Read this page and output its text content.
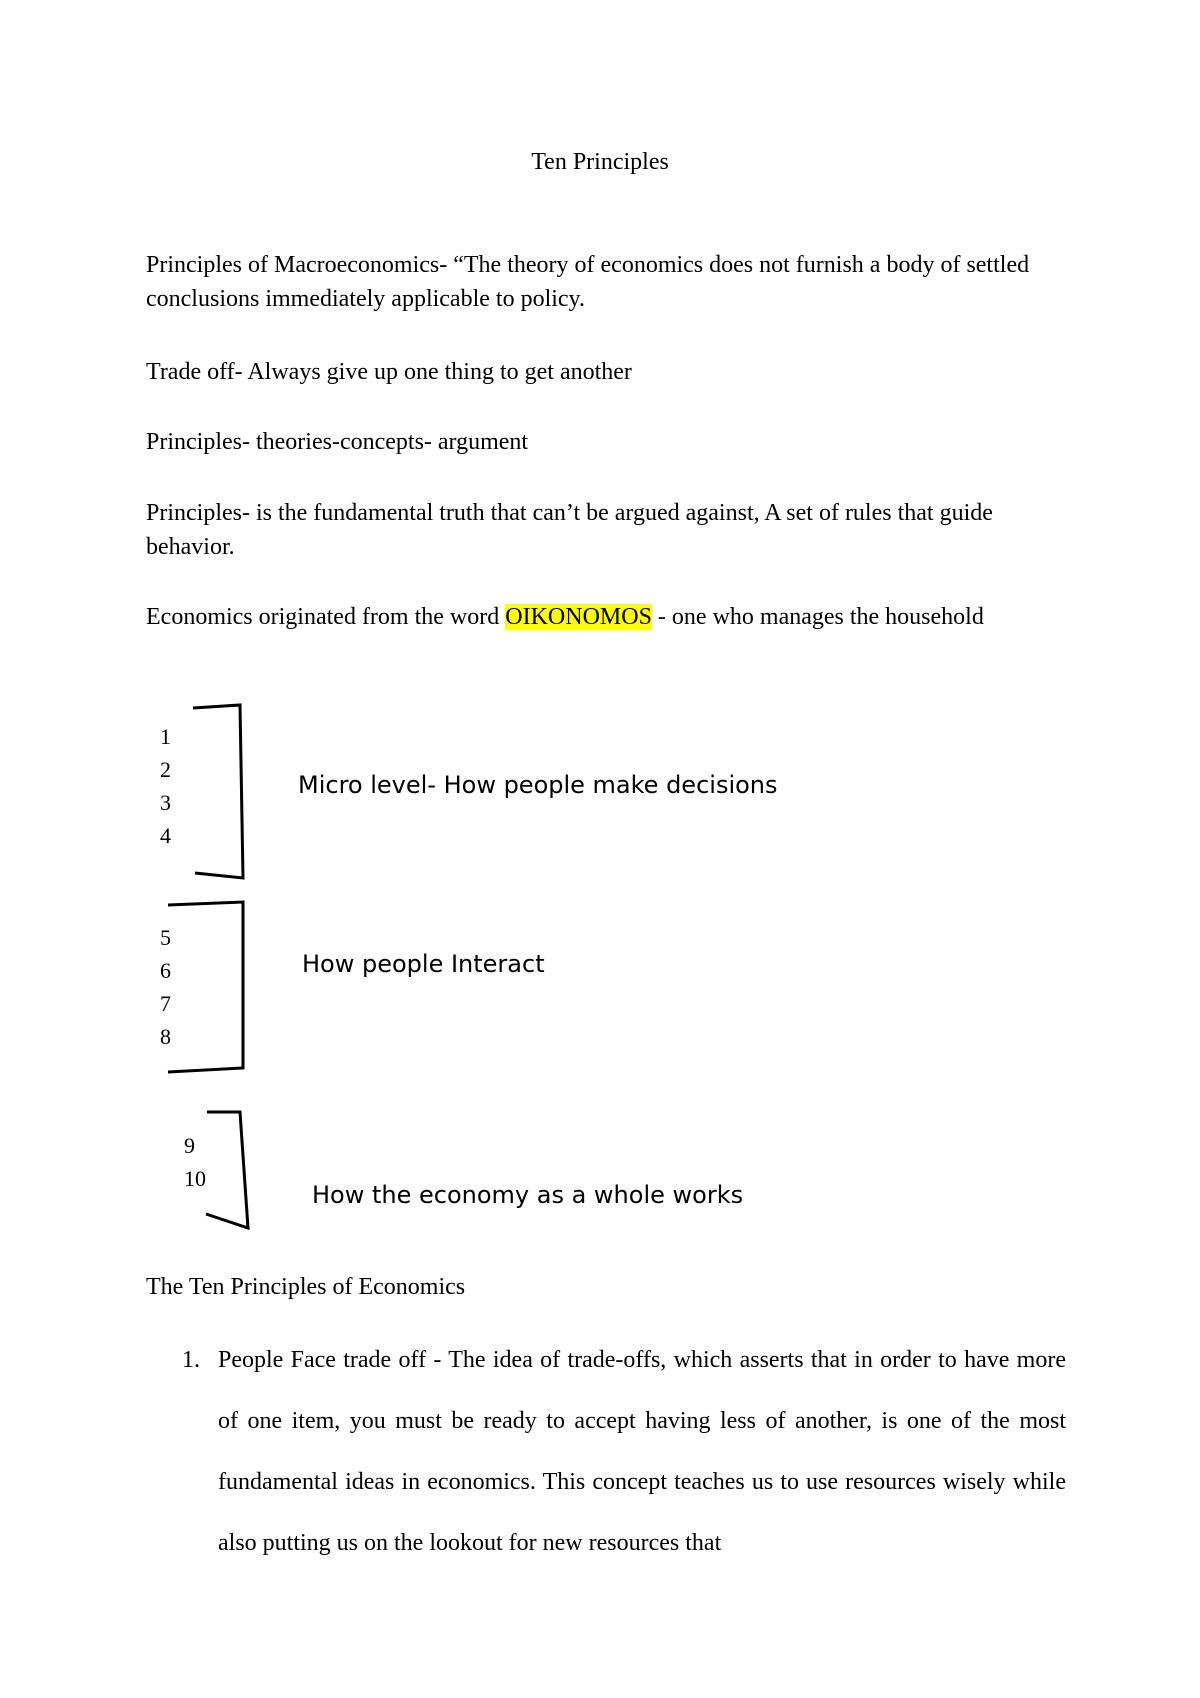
Ten Principles

Principles of Macroeconomics- “The theory of economics does not furnish a body of settled conclusions immediately applicable to policy.

Trade off- Always give up one thing to get another

Principles- theories-concepts- argument

Principles- is the fundamental truth that can’t be argued against, A set of rules that guide behavior.

Economics originated from the word OIKONOMOS - one who manages the household

1
2
3
4
Micro level- How people make decisions
5
6
7
8
How people Interact
9
10
How the economy as a whole works

The Ten Principles of Economics

1. People Face trade off - The idea of trade-offs, which asserts that in order to have more of one item, you must be ready to accept having less of another, is one of the most fundamental ideas in economics. This concept teaches us to use resources wisely while also putting us on the lookout for new resources that
